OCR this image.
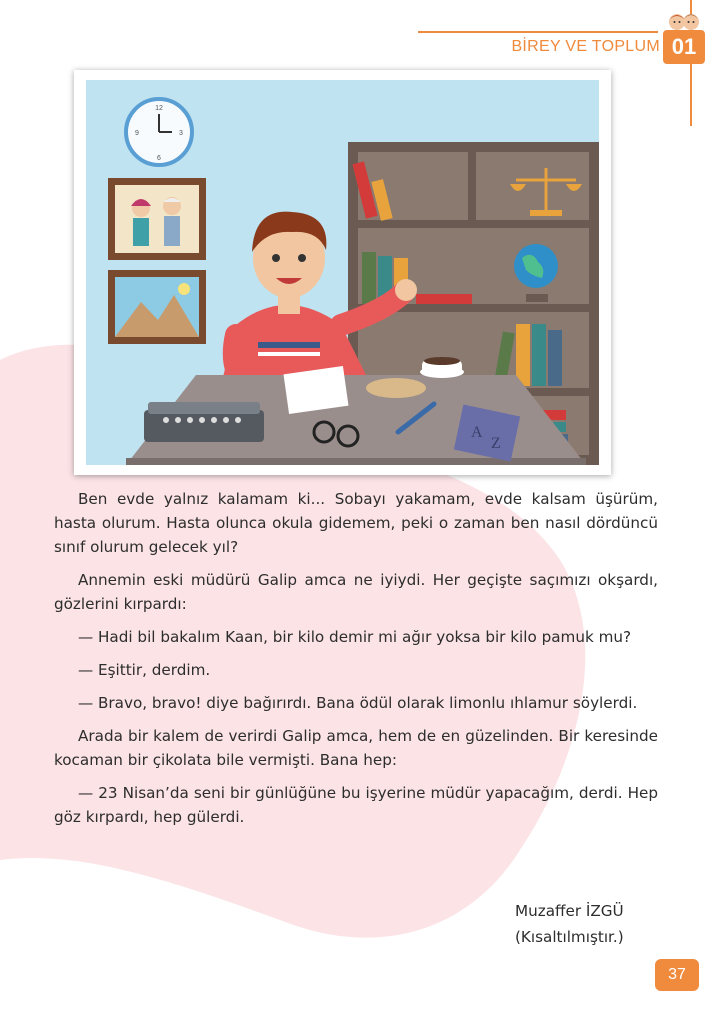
BİREY VE TOPLUM 01
12
3
6
9
A
Z

Ben evde yalnız kalamam ki... Sobayı yakamam, evde kalsam üşürüm, hasta olurum. Hasta olunca okula gidemem, peki o zaman ben nasıl dördüncü sınıf olurum gelecek yıl?

Annemin eski müdürü Galip amca ne iyiydi. Her geçişte saçımızı okşardı, gözlerini kırpardı:

— Hadi bil bakalım Kaan, bir kilo demir mi ağır yoksa bir kilo pamuk mu?

— Eşittir, derdim.

— Bravo, bravo! diye bağırırdı. Bana ödül olarak limonlu ıhlamur söylerdi.

Arada bir kalem de verirdi Galip amca, hem de en güzelinden. Bir keresinde kocaman bir çikolata bile vermişti. Bana hep:

— 23 Nisan’da seni bir günlüğüne bu işyerine müdür yapacağım, derdi. Hep göz kırpardı, hep gülerdi.

Muzaffer İZGÜ
(Kısaltılmıştır.)
37
